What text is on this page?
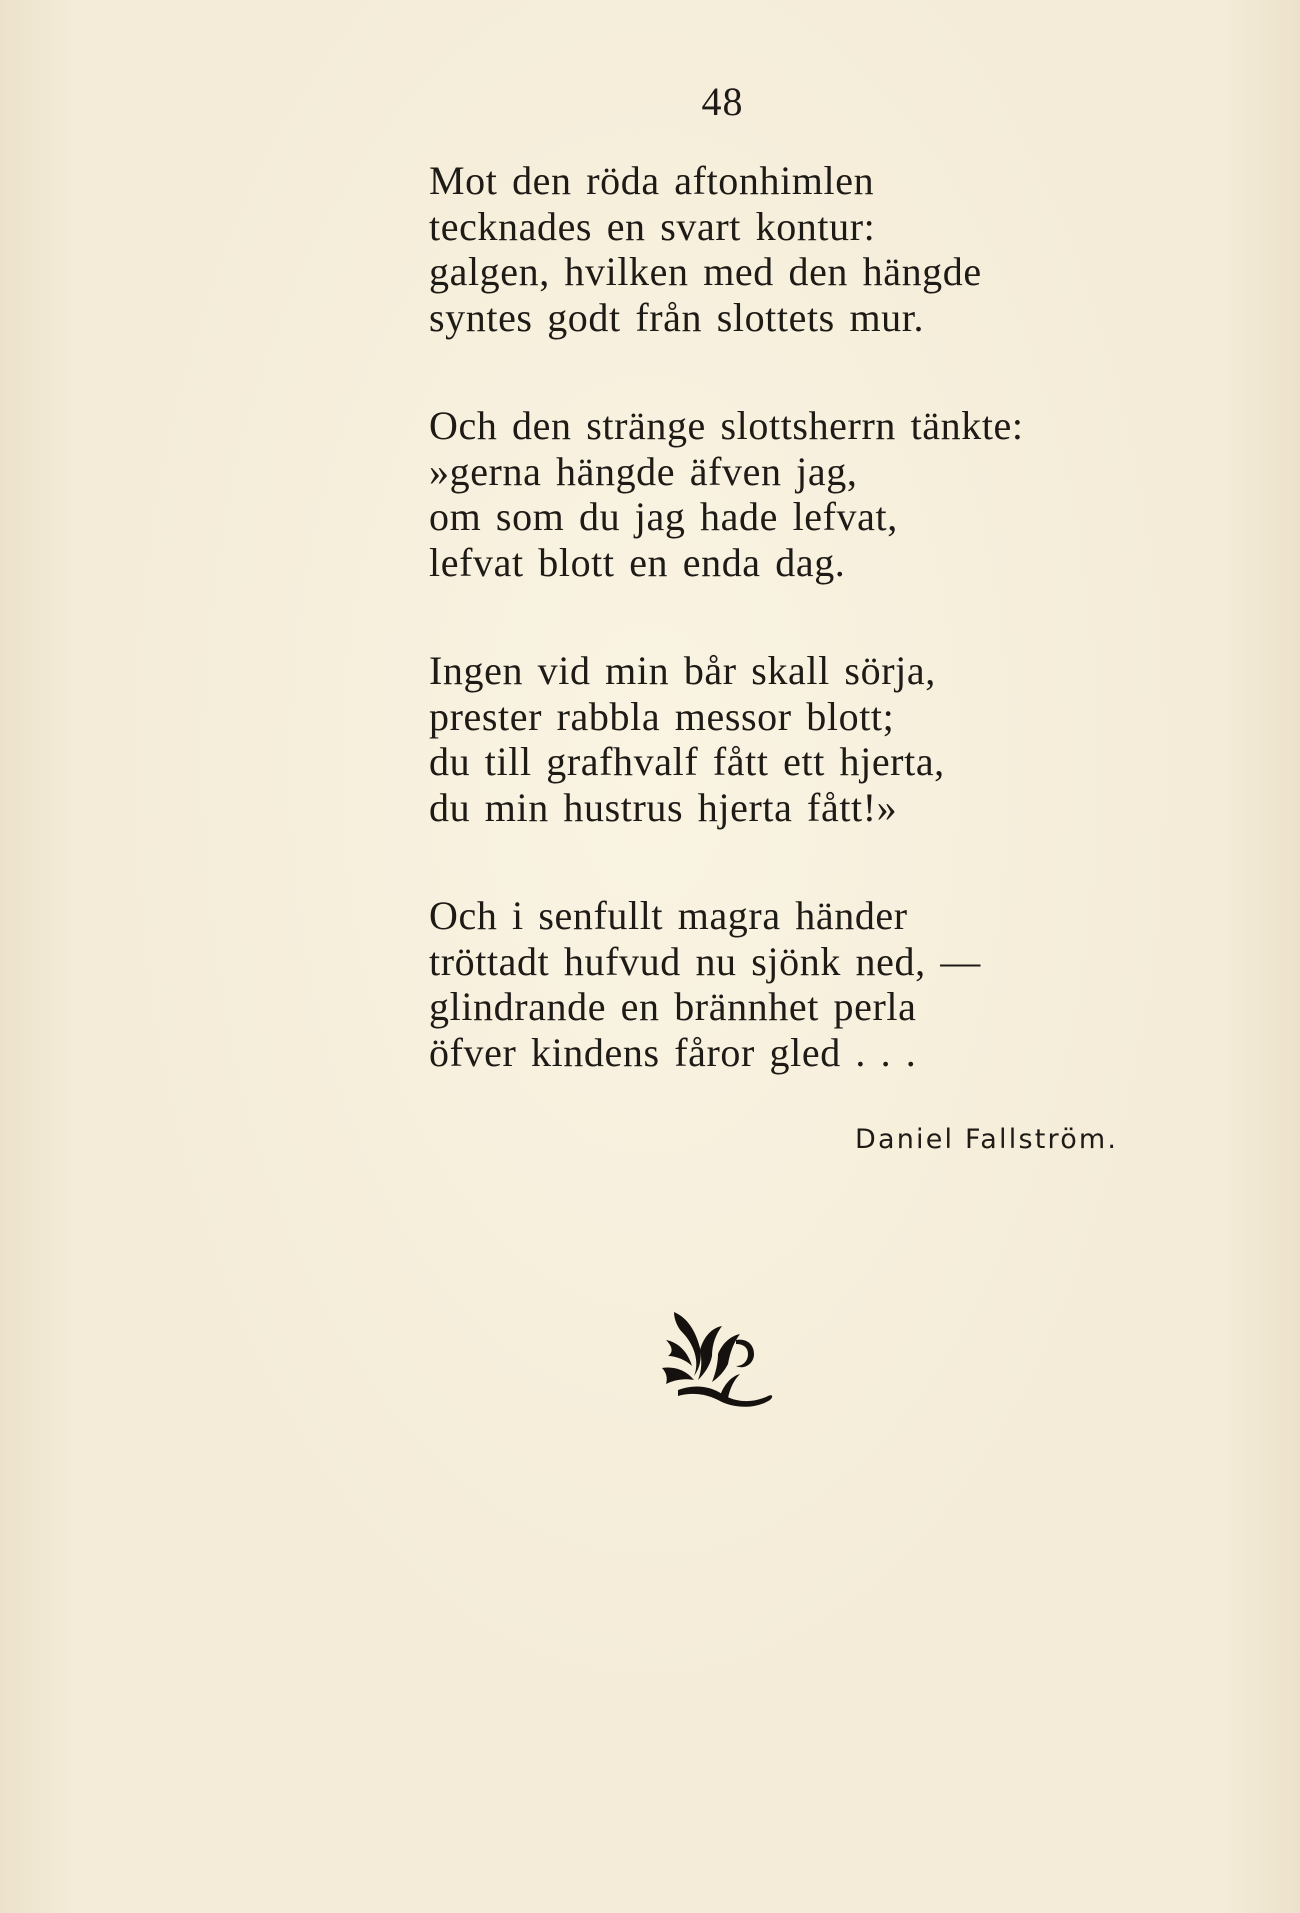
48
Mot den röda aftonhimlen
tecknades en svart kontur:
galgen, hvilken med den hängde
syntes godt från slottets mur.
Och den stränge slottsherrn tänkte:
»gerna hängde äfven jag,
om som du jag hade lefvat,
lefvat blott en enda dag.
Ingen vid min bår skall sörja,
prester rabbla messor blott;
du till grafhvalf fått ett hjerta,
du min hustrus hjerta fått!»
Och i senfullt magra händer
tröttadt hufvud nu sjönk ned, —
glindrande en brännhet perla
öfver kindens fåror gled . . .
Daniel Fallström.
